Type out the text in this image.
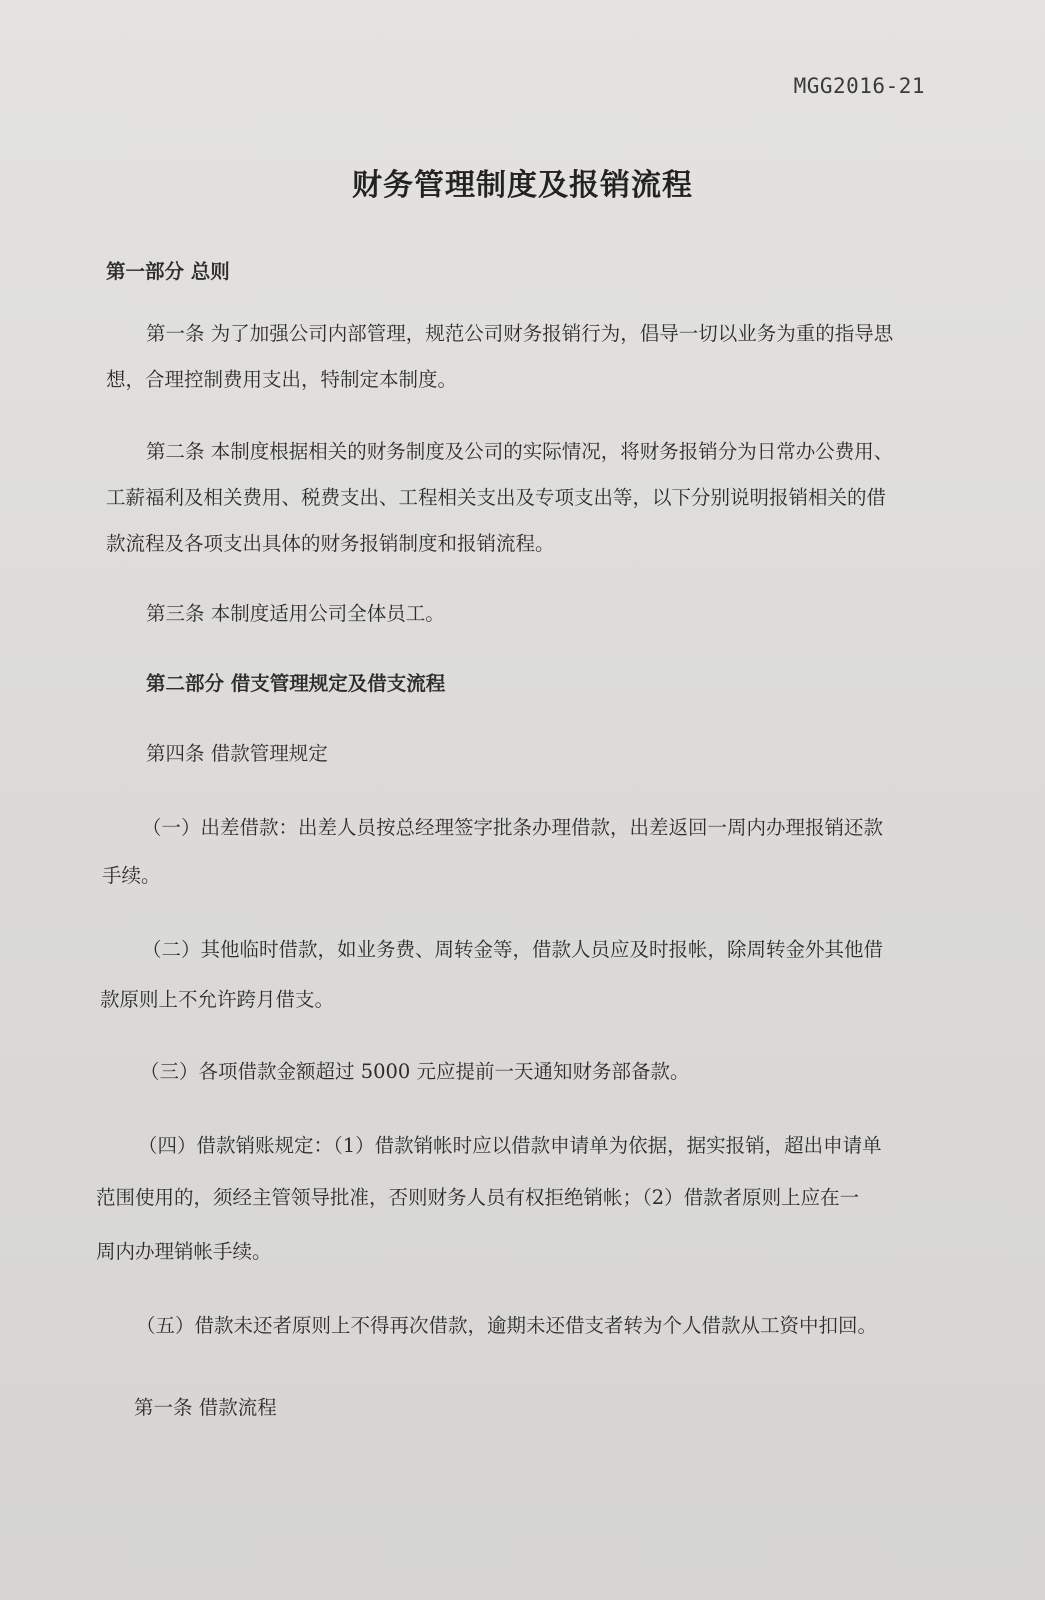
MGG2016-21
财务管理制度及报销流程
第一部分 总则
第一条 为了加强公司内部管理，规范公司财务报销行为，倡导一切以业务为重的指导思
想，合理控制费用支出，特制定本制度。
第二条 本制度根据相关的财务制度及公司的实际情况，将财务报销分为日常办公费用、
工薪福利及相关费用、税费支出、工程相关支出及专项支出等，以下分别说明报销相关的借
款流程及各项支出具体的财务报销制度和报销流程。
第三条 本制度适用公司全体员工。
第二部分 借支管理规定及借支流程
第四条 借款管理规定
（一）出差借款：出差人员按总经理签字批条办理借款，出差返回一周内办理报销还款
手续。
（二）其他临时借款，如业务费、周转金等，借款人员应及时报帐，除周转金外其他借
款原则上不允许跨月借支。
（三）各项借款金额超过 5000 元应提前一天通知财务部备款。
（四）借款销账规定：（1）借款销帐时应以借款申请单为依据，据实报销，超出申请单
范围使用的，须经主管领导批准，否则财务人员有权拒绝销帐；（2）借款者原则上应在一
周内办理销帐手续。
（五）借款未还者原则上不得再次借款，逾期未还借支者转为个人借款从工资中扣回。
第一条 借款流程
